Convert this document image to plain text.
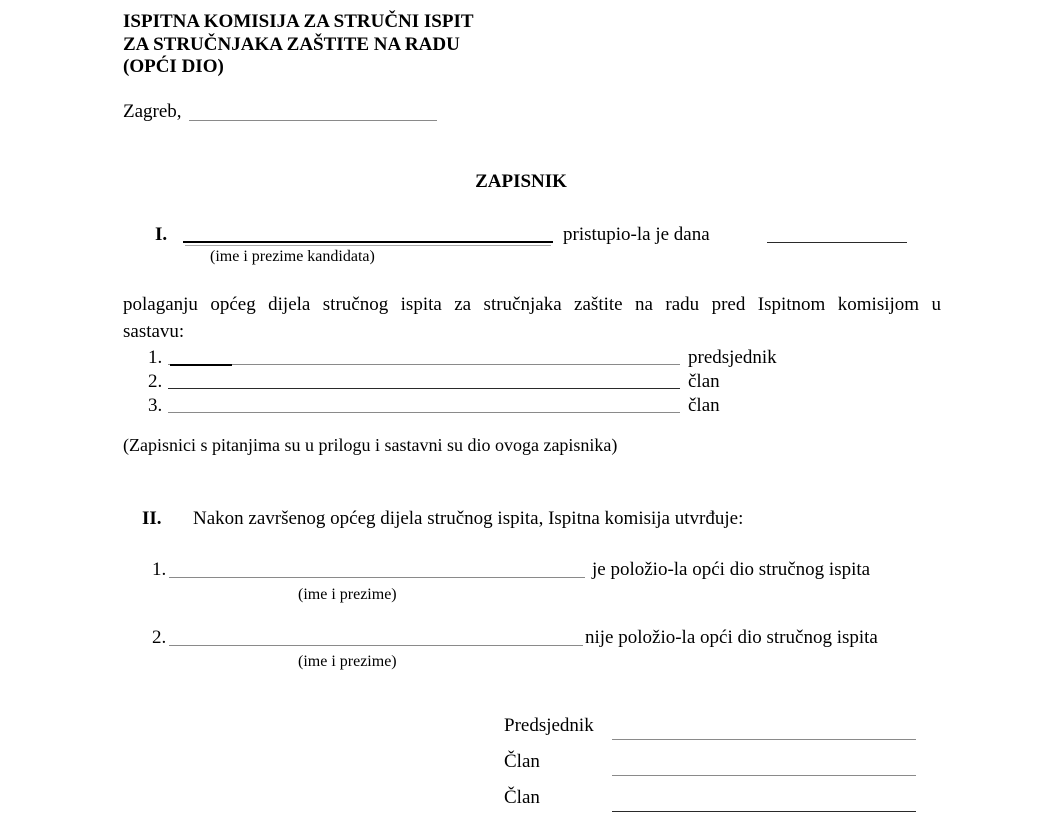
ISPITNA KOMISIJA ZA STRUČNI ISPIT
ZA STRUČNJAKA ZAŠTITE NA RADU
(OPĆI DIO)
Zagreb,
ZAPISNIK
I.	pristupio-la je dana
(ime i prezime kandidata)
polaganju općeg dijela stručnog ispita za stručnjaka zaštite na radu pred Ispitnom komisijom u
sastavu:
1.	predsjednik
2.	član
3.	član
(Zapisnici s pitanjima su u prilogu i sastavni su dio ovoga zapisnika)
II. Nakon završenog općeg dijela stručnog ispita, Ispitna komisija utvrđuje:
1.	je položio-la opći dio stručnog ispita
(ime i prezime)
2.	nije položio-la opći dio stručnog ispita
(ime i prezime)
Predsjednik
Član
Član
